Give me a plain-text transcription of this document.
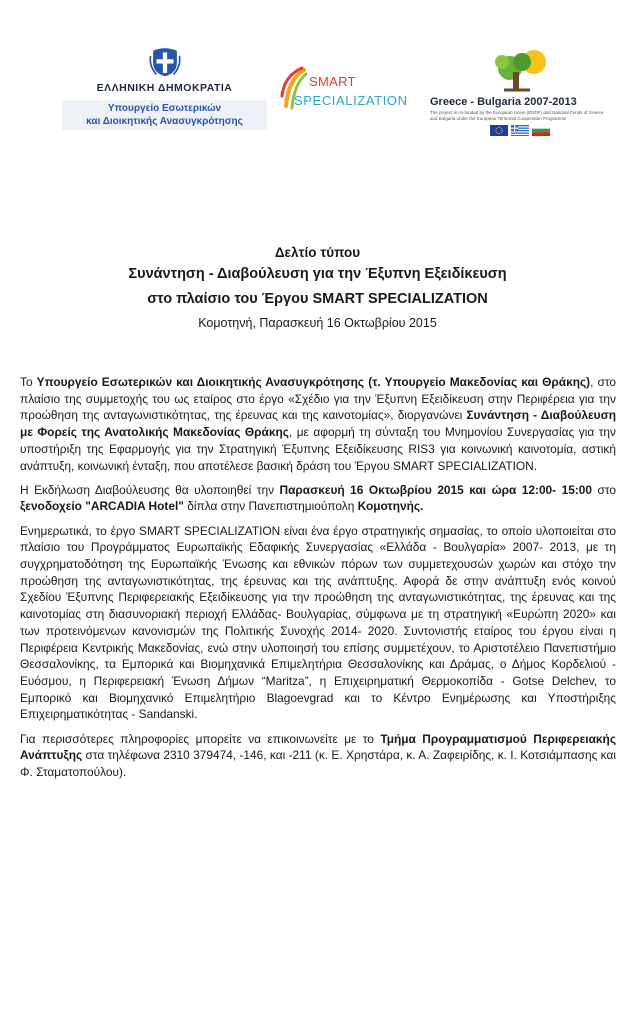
ΕΛΛΗΝΙΚΗ ΔΗΜΟΚΡΑΤΙΑ
Υπουργείο Εσωτερικών
και Διοικητικής Ανασυγκρότησης
SMART
SPECIALIZATION Greece - Bulgaria 2007-2013
The project is co-funded by the European Union (ERDF) and National Funds of Greece and Bulgaria under the European Territorial Cooperation Programme
Δελτίο τύπου
Συνάντηση - Διαβούλευση για την Έξυπνη Εξειδίκευση
στο πλαίσιο του Έργου SMART SPECIALIZATION
Κομοτηνή, Παρασκευή 16 Οκτωβρίου 2015

Το Υπουργείο Εσωτερικών και Διοικητικής Ανασυγκρότησης (τ. Υπουργείο Μακεδονίας και Θράκης), στο πλαίσιο της συμμετοχής του ως εταίρος στο έργο «Σχέδιο για την Έξυπνη Εξειδίκευση στην Περιφέρεια για την προώθηση της ανταγωνιστικότητας, της έρευνας και της καινοτομίας», διοργανώνει Συνάντηση - Διαβούλευση με Φορείς της Ανατολικής Μακεδονίας Θράκης, με αφορμή τη σύνταξη του Μνημονίου Συνεργασίας για την υποστήριξη της Εφαρμογής για την Στρατηγική Έξυπνης Εξειδίκευσης RIS3 για κοινωνική καινοτομία, αστική ανάπτυξη, κοινωνική ένταξη, που αποτέλεσε βασική δράση του Έργου SMART SPECIALIZATION.

Η Εκδήλωση Διαβούλευσης θα υλοποιηθεί την Παρασκευή 16 Οκτωβρίου 2015 και ώρα 12:00- 15:00 στο ξενοδοχείο "ARCADIA Hotel" δίπλα στην Πανεπιστημιούπολη Κομοτηνής.

Ενημερωτικά, το έργο SMART SPECIALIZATION είναι ένα έργο στρατηγικής σημασίας, το οποίο υλοποιείται στο πλαίσιο του Προγράμματος Ευρωπαϊκής Εδαφικής Συνεργασίας «Ελλάδα - Βουλγαρία» 2007- 2013, με τη συγχρηματοδότηση της Ευρωπαϊκής Ένωσης και εθνικών πόρων των συμμετεχουσών χωρών και στόχο την προώθηση της ανταγωνιστικότητας, της έρευνας και της ανάπτυξης. Αφορά δε στην ανάπτυξη ενός κοινού Σχεδίου Έξυπνης Περιφερειακής Εξειδίκευσης για την προώθηση της ανταγωνιστικότητας, της έρευνας και της καινοτομίας στη διασυνοριακή περιοχή Ελλάδας- Βουλγαρίας, σύμφωνα με τη στρατηγική «Ευρώπη 2020» και των προτεινόμενων κανονισμών της Πολιτικής Συνοχής 2014- 2020. Συντονιστής εταίρος του έργου είναι η Περιφέρεια Κεντρικής Μακεδονίας, ενώ στην υλοποιησή του επίσης συμμετέχουν, το Αριστοτέλειο Πανεπιστήμιο Θεσσαλονίκης, τα Εμπορικά και Βιομηχανικά Επιμελητήρια Θεσσαλονίκης και Δράμας, ο Δήμος Κορδελιού - Ευόσμου, η Περιφερειακή Ένωση Δήμων “Maritza”, η Επιχειρηματική Θερμοκοπίδα - Gotse Delchev, το Εμπορικό και Βιομηχανικό Επιμελητήριο Blagoevgrad και το Κέντρο Ενημέρωσης και Υποστήριξης Επιχειρηματικότητας - Sandanski.

Για περισσότερες πληροφορίες μπορείτε να επικοινωνείτε με το Τμήμα Προγραμματισμού Περιφερειακής Ανάπτυξης στα τηλέφωνα 2310 379474, -146, και -211 (κ. Ε. Χρηστάρα, κ. Α. Ζαφειρίδης, κ. Ι. Κοτσιάμπασης και Φ. Σταματοπούλου).
